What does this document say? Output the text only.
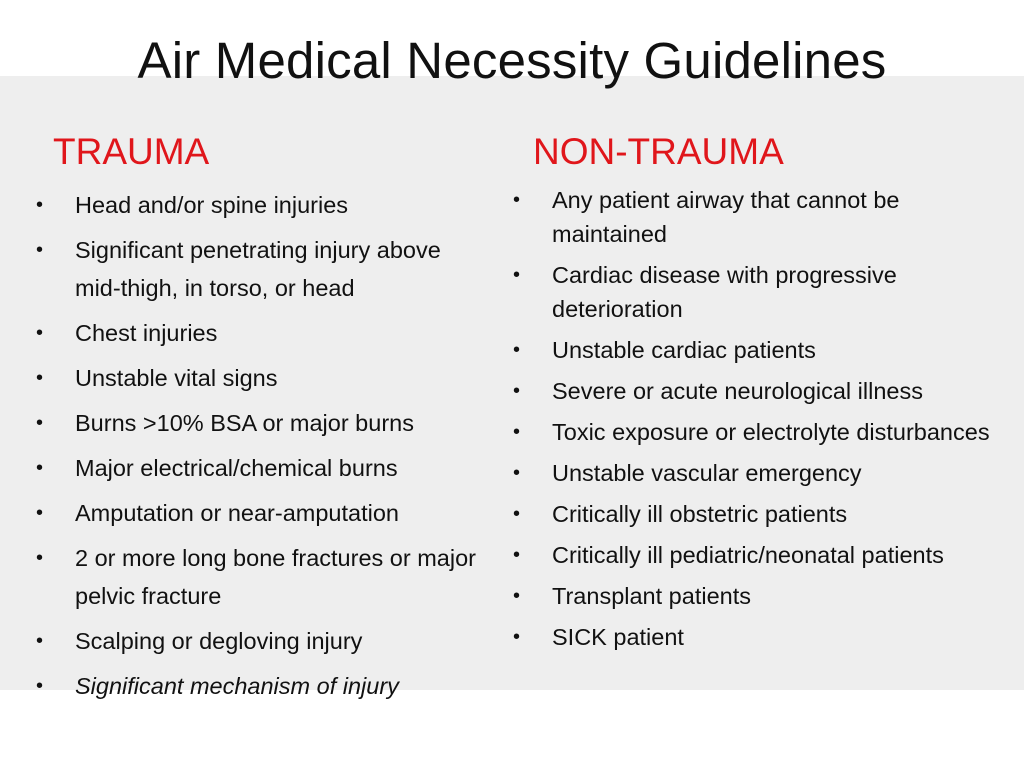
Air Medical Necessity Guidelines
TRAUMA	NON-TRAUMA
• Head and/or spine injuries
• Significant penetrating injury above mid-thigh, in torso, or head
• Chest injuries
• Unstable vital signs
• Burns >10% BSA or major burns
• Major electrical/chemical burns
• Amputation or near-amputation
• 2 or more long bone fractures or major pelvic fracture
• Scalping or degloving injury
• Significant mechanism of injury
• Any patient airway that cannot be maintained
• Cardiac disease with progressive deterioration
• Unstable cardiac patients
• Severe or acute neurological illness
• Toxic exposure or electrolyte disturbances
• Unstable vascular emergency
• Critically ill obstetric patients
• Critically ill pediatric/neonatal patients
• Transplant patients
• SICK patient
